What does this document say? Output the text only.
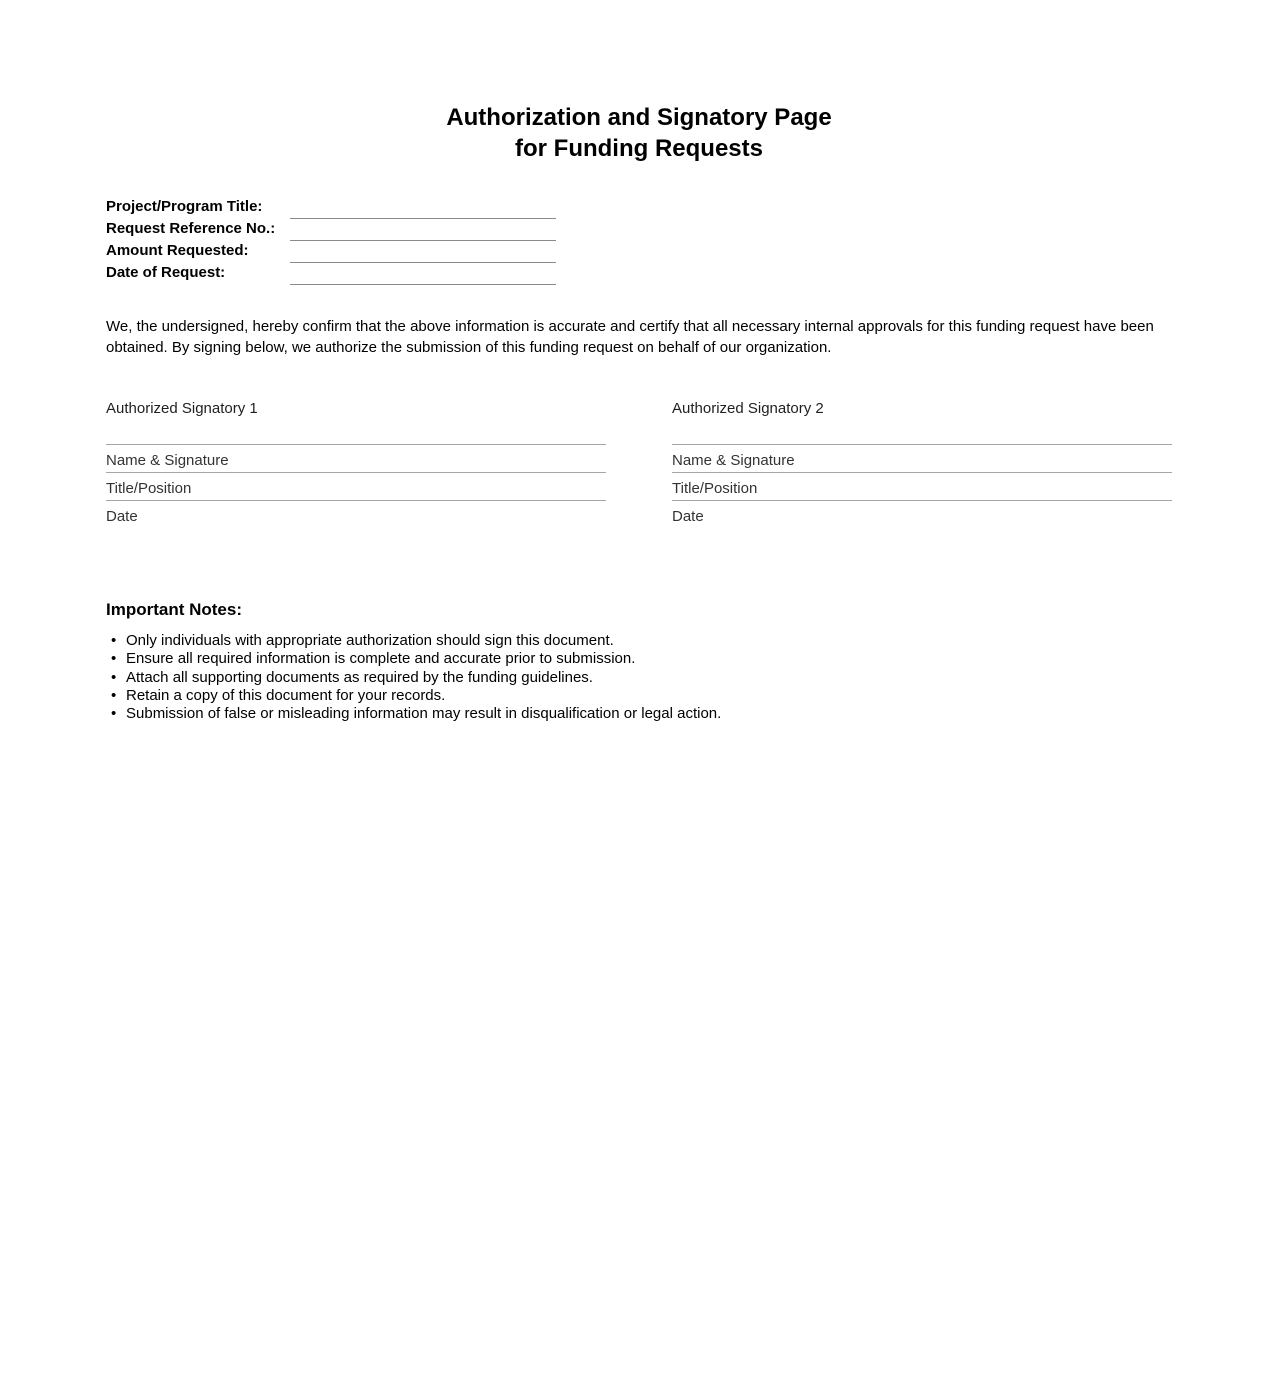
Authorization and Signatory Page
for Funding Requests
Project/Program Title:
Request Reference No.:
Amount Requested:
Date of Request:

We, the undersigned, hereby confirm that the above information is accurate and certify that all necessary internal approvals for this funding request have been obtained. By signing below, we authorize the submission of this funding request on behalf of our organization.

Authorized Signatory 1
Name & Signature
Title/Position
Date
Authorized Signatory 2
Name & Signature
Title/Position
Date
Important Notes:
• Only individuals with appropriate authorization should sign this document.
• Ensure all required information is complete and accurate prior to submission.
• Attach all supporting documents as required by the funding guidelines.
• Retain a copy of this document for your records.
• Submission of false or misleading information may result in disqualification or legal action.
